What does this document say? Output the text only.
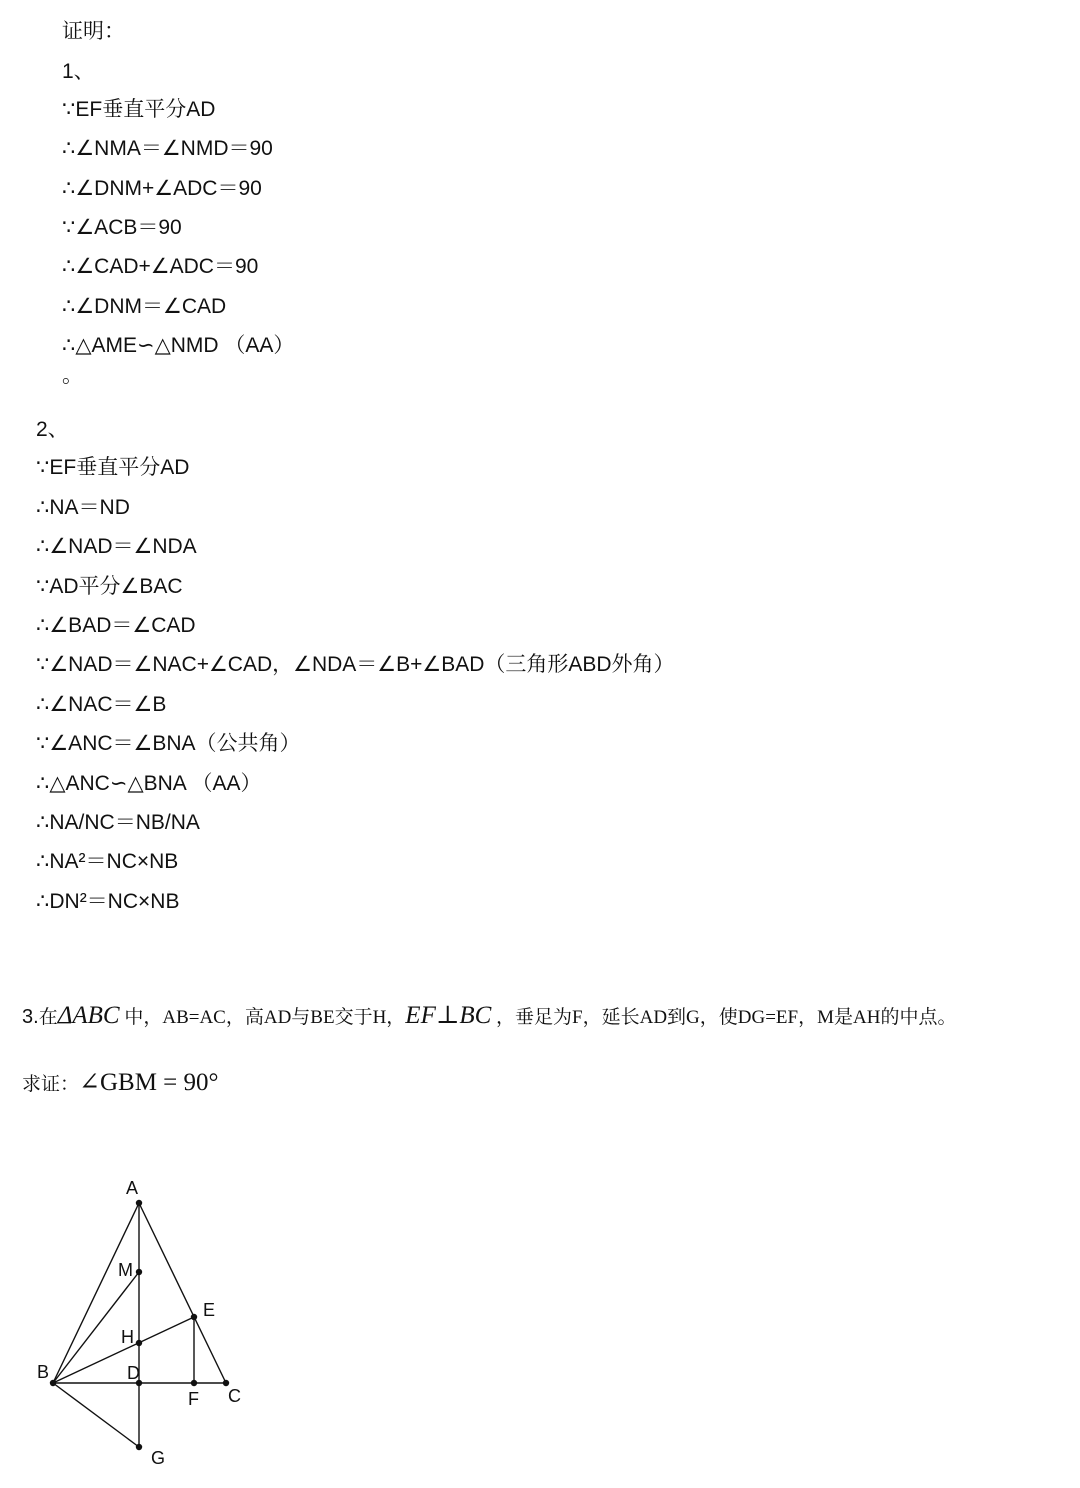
证明：
1、
∵EF垂直平分AD
∴∠NMA＝∠NMD＝90
∴∠DNM+∠ADC＝90
∵∠ACB＝90
∴∠CAD+∠ADC＝90
∴∠DNM＝∠CAD
∴△AME∽△NMD （AA）
。
2、
∵EF垂直平分AD
∴NA＝ND
∴∠NAD＝∠NDA
∵AD平分∠BAC
∴∠BAD＝∠CAD
∵∠NAD＝∠NAC+∠CAD，∠NDA＝∠B+∠BAD（三角形ABD外角）
∴∠NAC＝∠B
∵∠ANC＝∠BNA（公共角）
∴△ANC∽△BNA （AA）
∴NA/NC＝NB/NA
∴NA²＝NC×NB
∴DN²＝NC×NB
3.在ΔABC 中，AB=AC，高AD与BE交于H，EF⊥BC ，垂足为F，延长AD到G，使DG=EF，M是AH的中点。
求证：∠GBM = 90°
A
M
E
H
B	D
F C
G
